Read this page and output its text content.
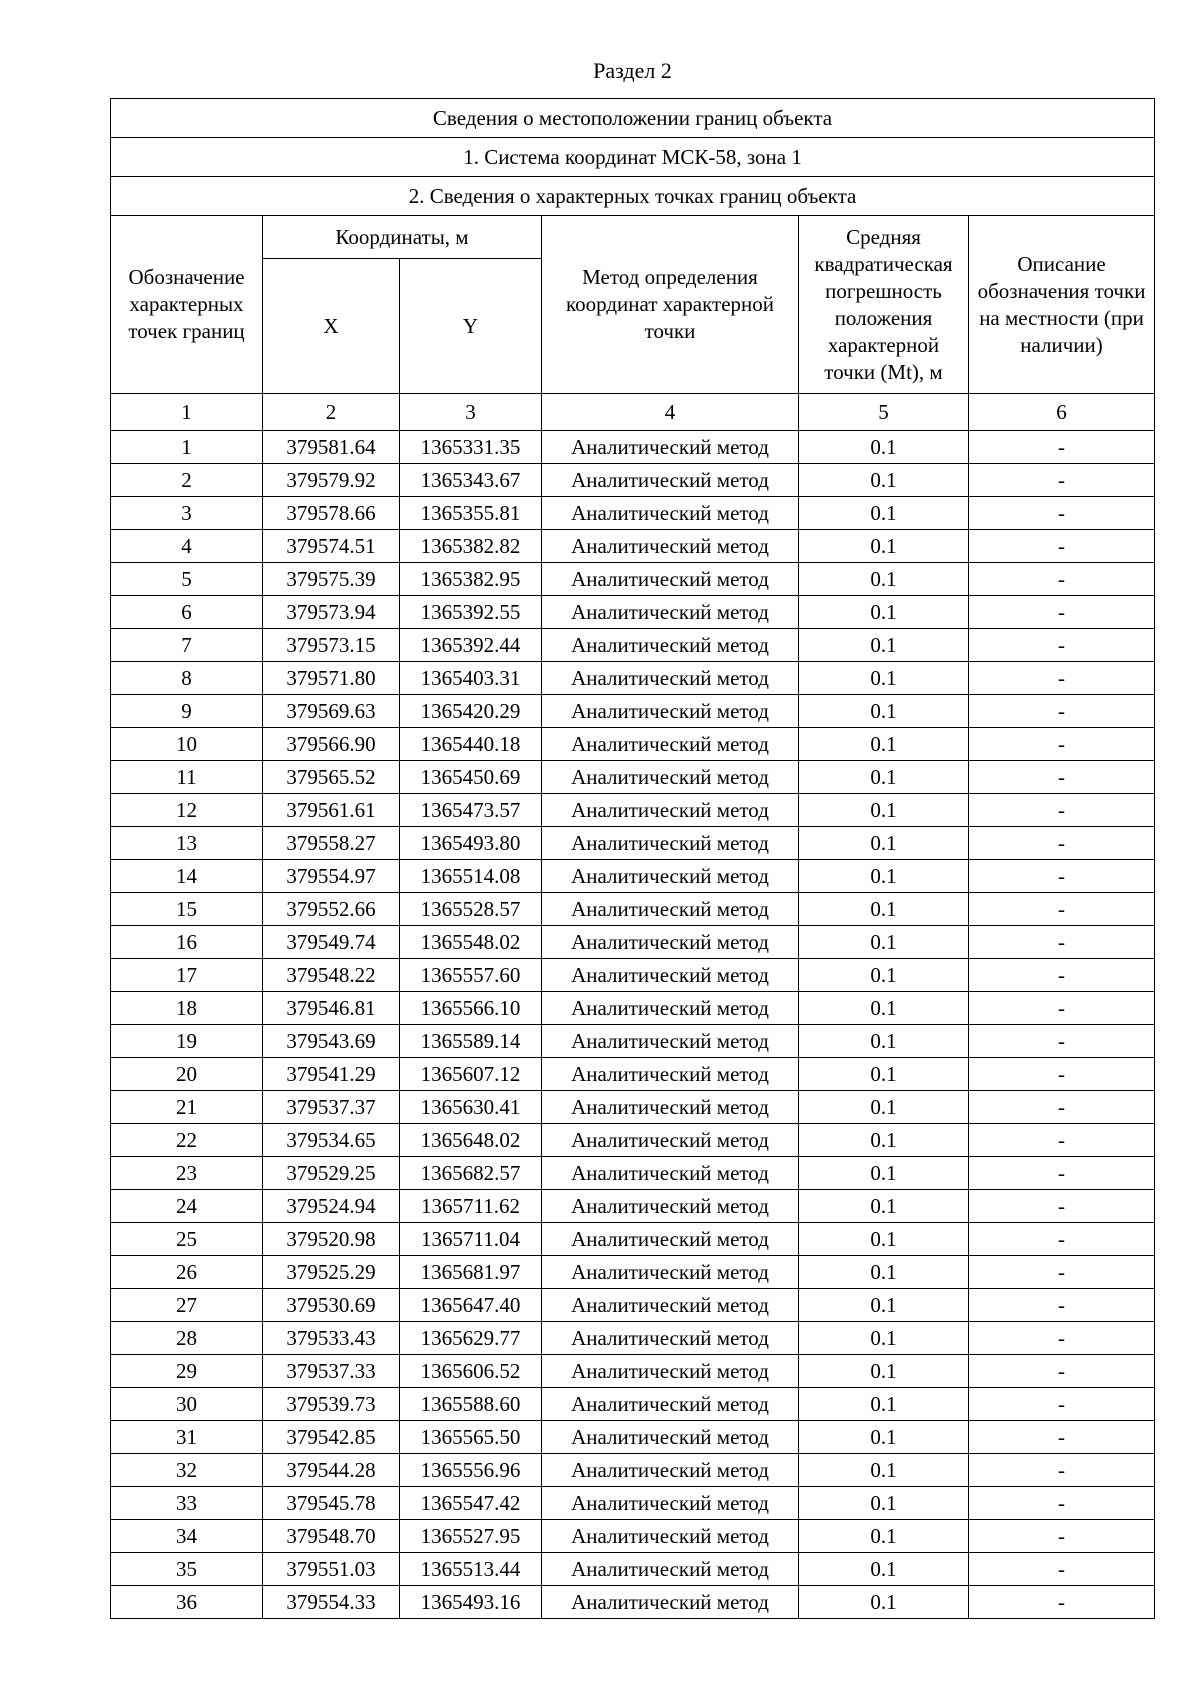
Раздел 2
Сведения о местоположении границ объекта					
1. Система координат МСК-58, зона 1					
2. Сведения о характерных точках границ объекта					
Обозначение характерных точек границ	Координаты, м		Метод определения координат характерной точки	Средняя квадратическая погрешность положения характерной точки (Mt), м	Описание обозначения точки на местности (при наличии)
	X	Y			
1	2	3	4	5	6
1	379581.64	1365331.35	Аналитический метод	0.1	-
2	379579.92	1365343.67	Аналитический метод	0.1	-
3	379578.66	1365355.81	Аналитический метод	0.1	-
4	379574.51	1365382.82	Аналитический метод	0.1	-
5	379575.39	1365382.95	Аналитический метод	0.1	-
6	379573.94	1365392.55	Аналитический метод	0.1	-
7	379573.15	1365392.44	Аналитический метод	0.1	-
8	379571.80	1365403.31	Аналитический метод	0.1	-
9	379569.63	1365420.29	Аналитический метод	0.1	-
10	379566.90	1365440.18	Аналитический метод	0.1	-
11	379565.52	1365450.69	Аналитический метод	0.1	-
12	379561.61	1365473.57	Аналитический метод	0.1	-
13	379558.27	1365493.80	Аналитический метод	0.1	-
14	379554.97	1365514.08	Аналитический метод	0.1	-
15	379552.66	1365528.57	Аналитический метод	0.1	-
16	379549.74	1365548.02	Аналитический метод	0.1	-
17	379548.22	1365557.60	Аналитический метод	0.1	-
18	379546.81	1365566.10	Аналитический метод	0.1	-
19	379543.69	1365589.14	Аналитический метод	0.1	-
20	379541.29	1365607.12	Аналитический метод	0.1	-
21	379537.37	1365630.41	Аналитический метод	0.1	-
22	379534.65	1365648.02	Аналитический метод	0.1	-
23	379529.25	1365682.57	Аналитический метод	0.1	-
24	379524.94	1365711.62	Аналитический метод	0.1	-
25	379520.98	1365711.04	Аналитический метод	0.1	-
26	379525.29	1365681.97	Аналитический метод	0.1	-
27	379530.69	1365647.40	Аналитический метод	0.1	-
28	379533.43	1365629.77	Аналитический метод	0.1	-
29	379537.33	1365606.52	Аналитический метод	0.1	-
30	379539.73	1365588.60	Аналитический метод	0.1	-
31	379542.85	1365565.50	Аналитический метод	0.1	-
32	379544.28	1365556.96	Аналитический метод	0.1	-
33	379545.78	1365547.42	Аналитический метод	0.1	-
34	379548.70	1365527.95	Аналитический метод	0.1	-
35	379551.03	1365513.44	Аналитический метод	0.1	-
36	379554.33	1365493.16	Аналитический метод	0.1	-
